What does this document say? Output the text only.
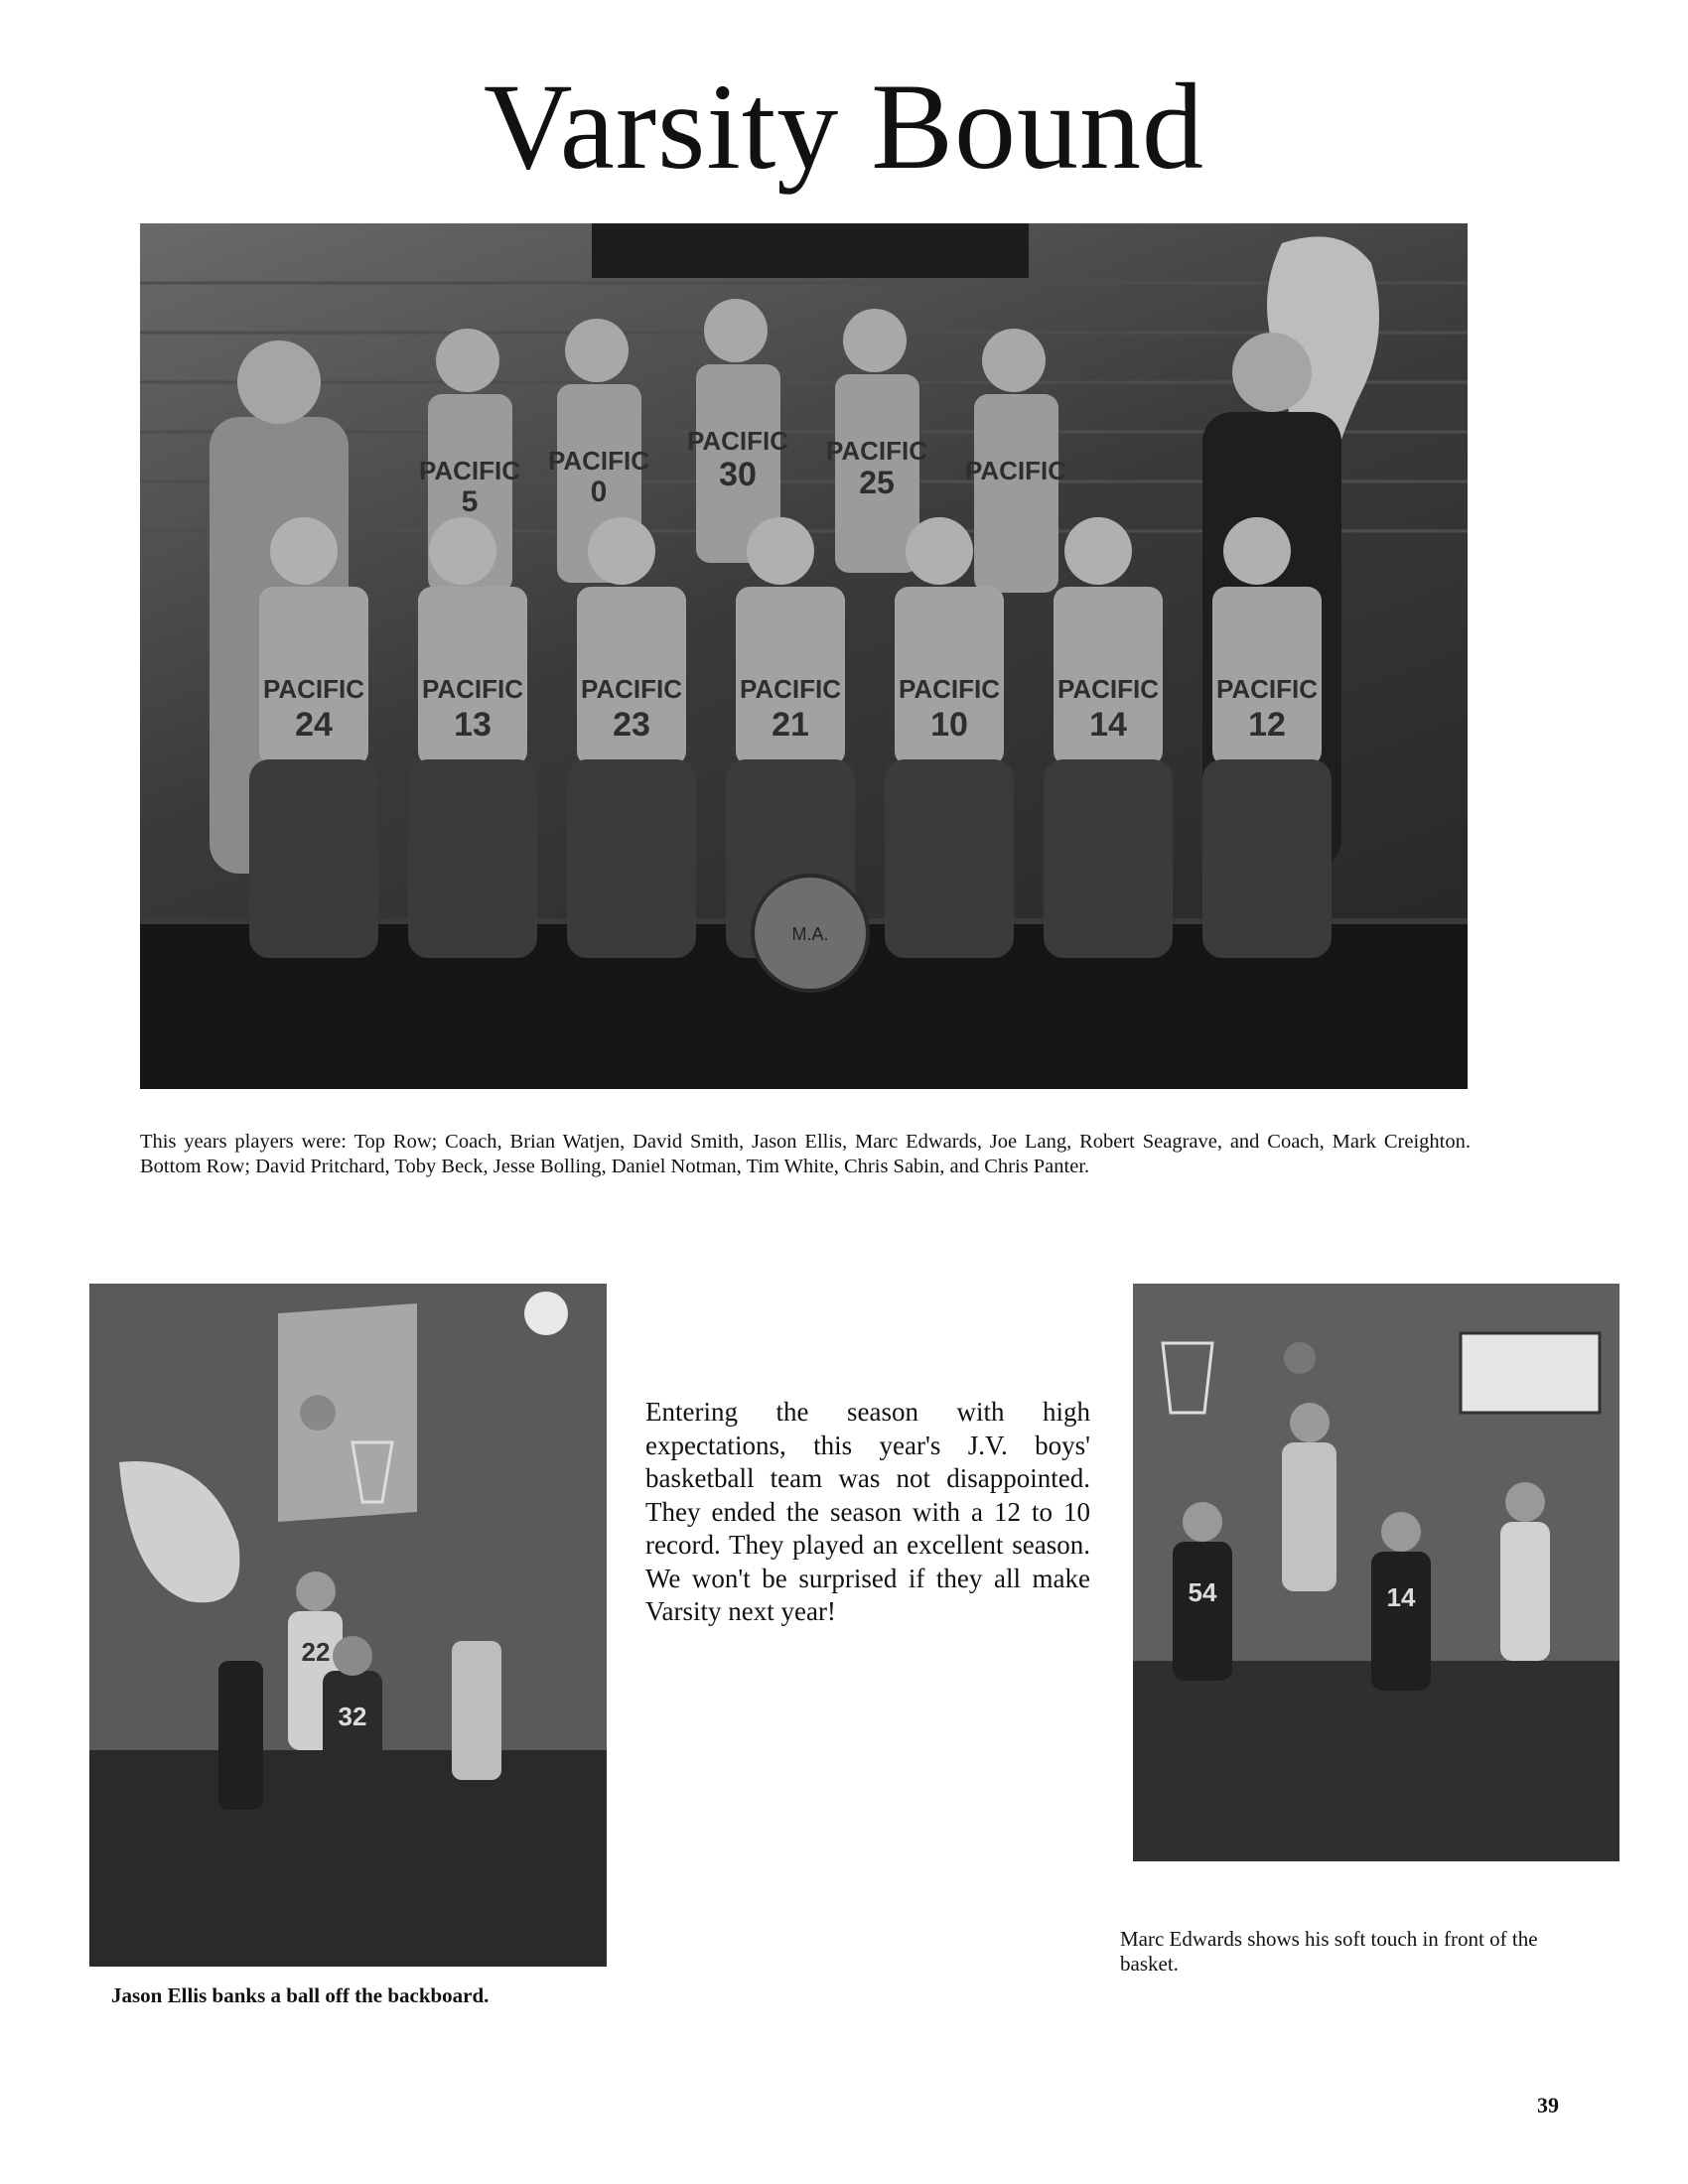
Varsity Bound
PACIFIC
5
PACIFIC
0
PACIFIC
30
PACIFIC
25	PACIFIC
PACIFIC
24
PACIFIC
13
PACIFIC
23
PACIFIC
21
PACIFIC
10
PACIFIC
14
PACIFIC
12
M.A.
This years players were: Top Row; Coach, Brian Watjen, David Smith, Jason Ellis, Marc Edwards, Joe Lang, Robert Seagrave, and Coach, Mark Creighton. Bottom Row; David Pritchard, Toby Beck, Jesse Bolling, Daniel Notman, Tim White, Chris Sabin, and Chris Panter.
22
32
Entering the season with high expectations, this year's J.V. boys' basketball team was not disappointed. They ended the season with a 12 to 10 record. They played an excellent season. We won't be surprised if they all make Varsity next year!
54	14
Jason Ellis banks a ball off the backboard.
Marc Edwards shows his soft touch in front of the basket.
39
